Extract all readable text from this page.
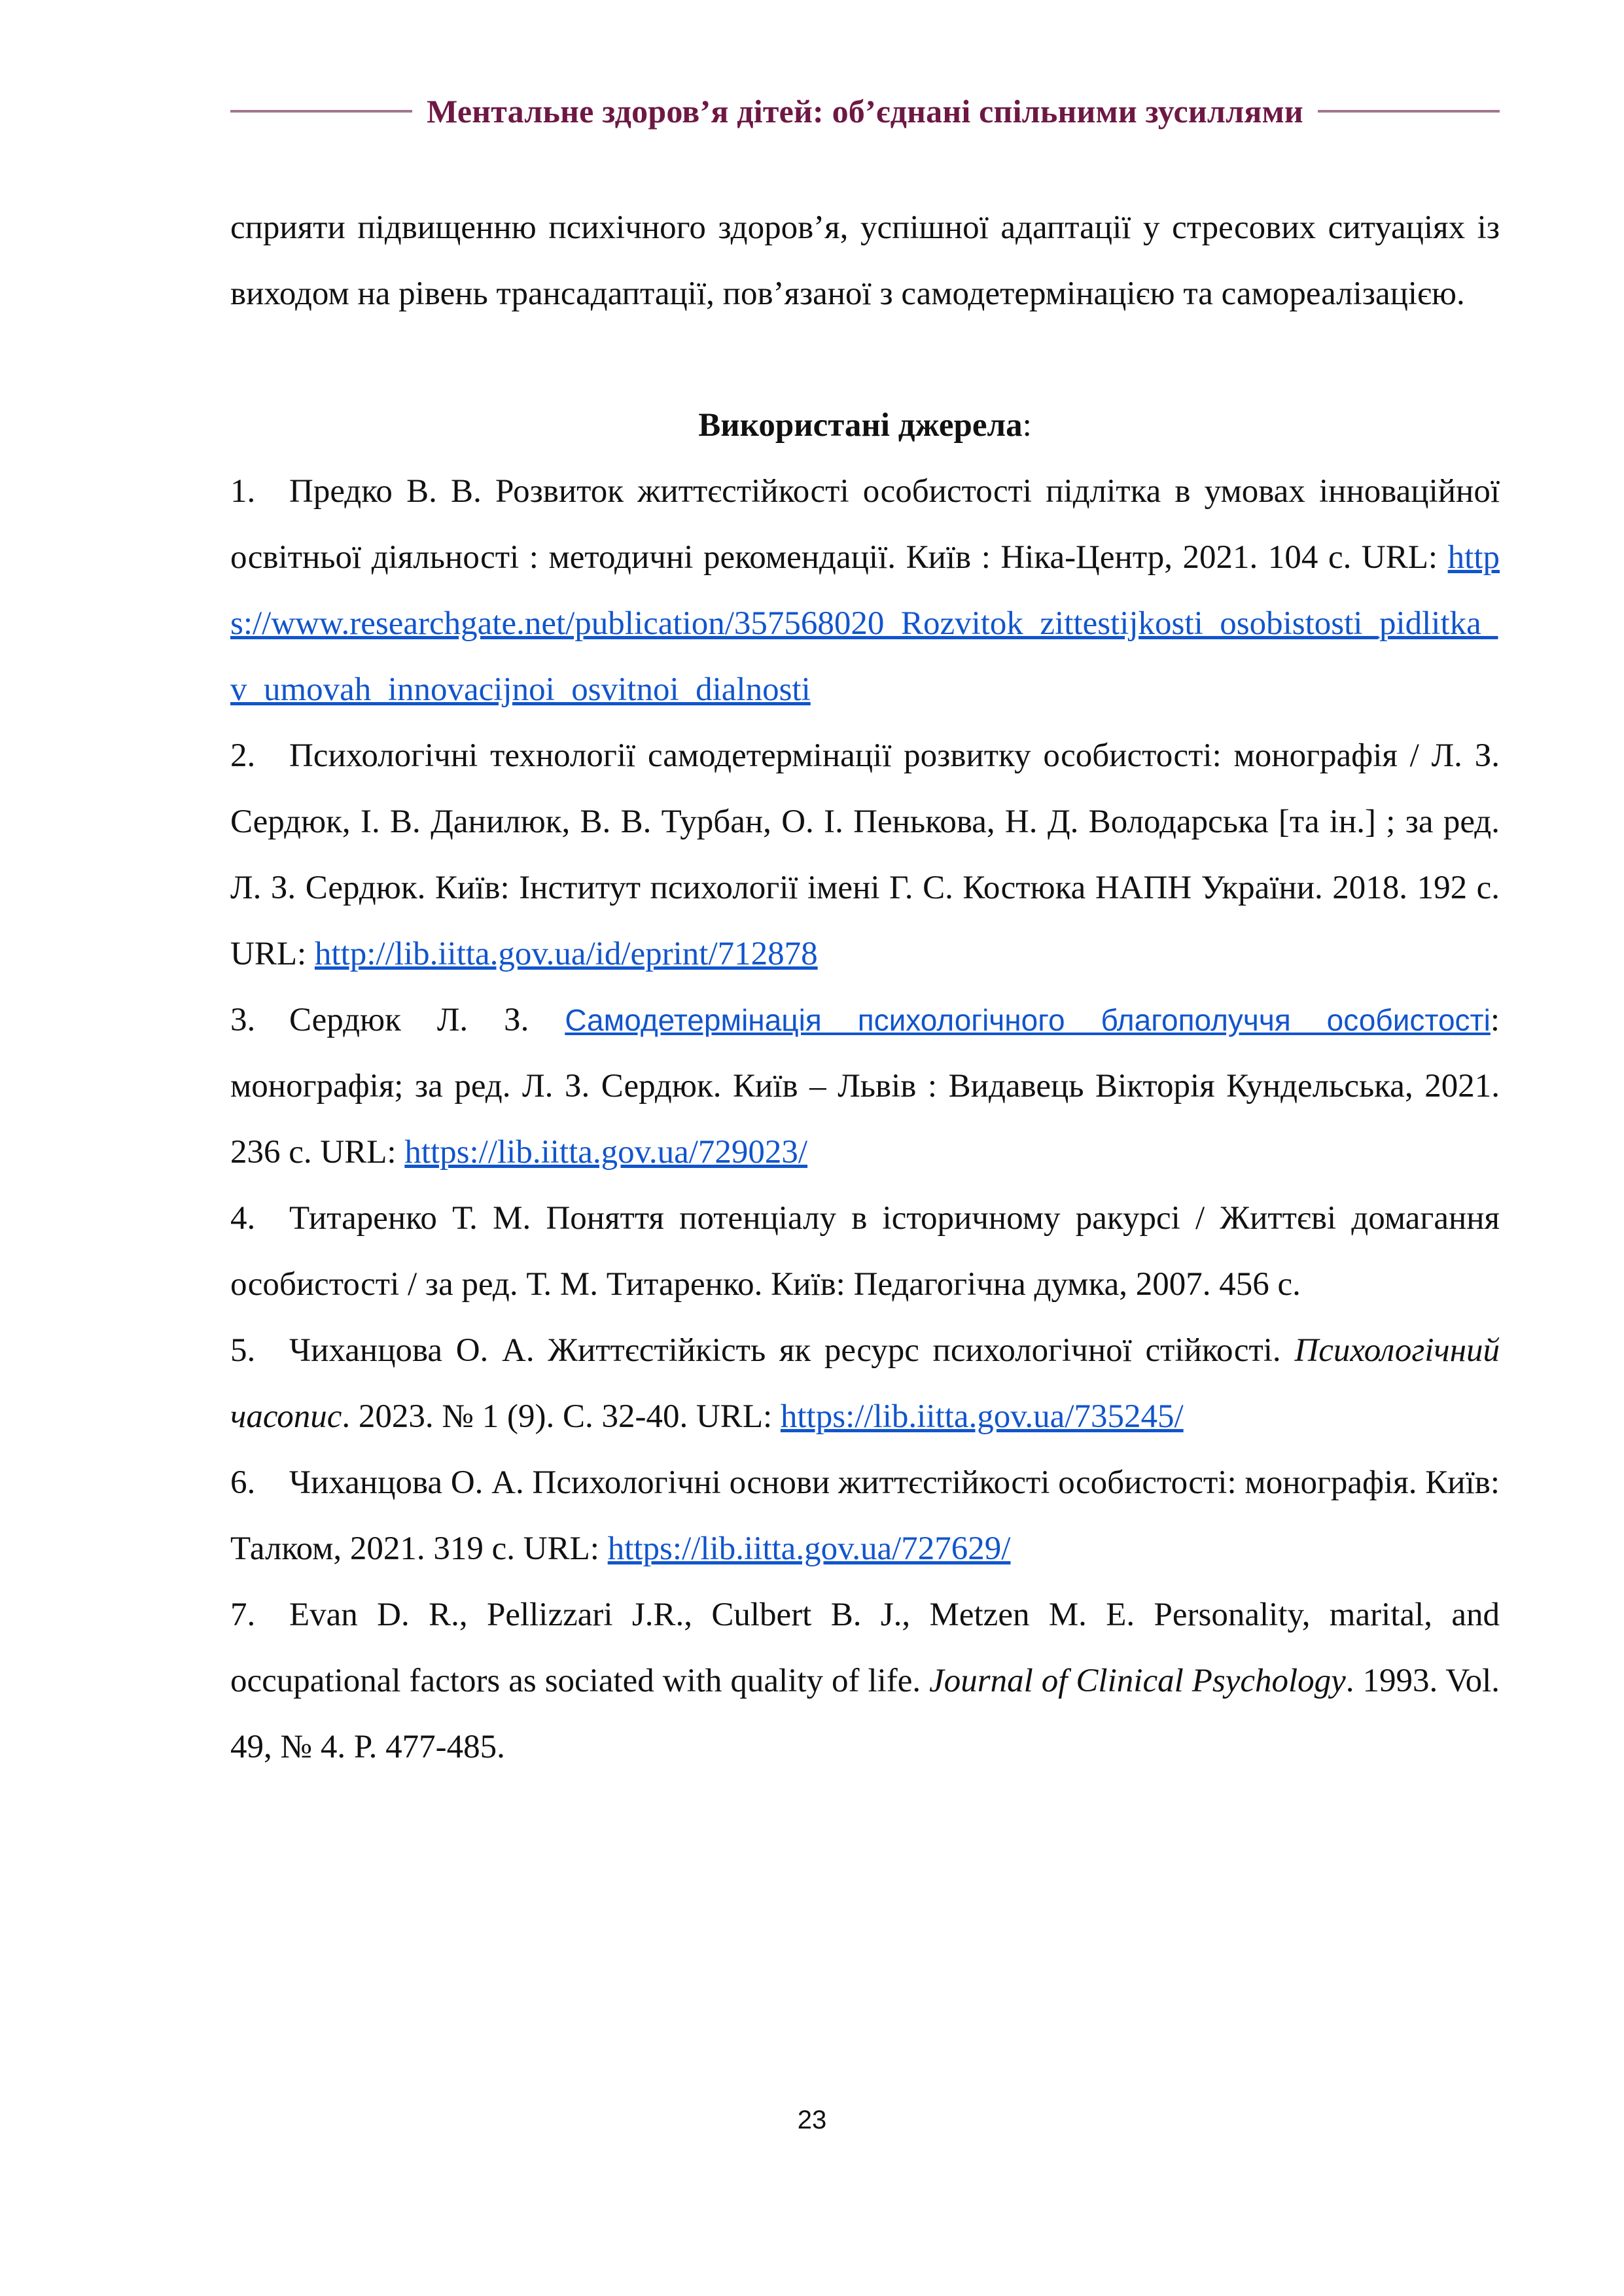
Ментальне здоров’я дітей: об’єднані спільними зусиллями

сприяти підвищенню психічного здоров’я, успішної адаптації у стресових ситуаціях із виходом на рівень трансадаптації, пов’язаної з самодетермінацією та самореалізацією.

Використані джерела:

1. Предко В. В. Розвиток життєстійкості особистості підлітка в умовах інноваційної освітньої діяльності : методичні рекомендації. Київ : Ніка-Центр, 2021. 104 с. URL: https://www.researchgate.net/publication/357568020_Rozvitok_zittestijkosti_osobistosti_pidlitka_v_umovah_innovacijnoi_osvitnoi_dialnosti

2. Психологічні технології самодетермінації розвитку особистості: монографія / Л. З. Сердюк, І. В. Данилюк, В. В. Турбан, О. І. Пенькова, Н. Д. Володарська [та ін.] ; за ред. Л. З. Сердюк. Київ: Інститут психології імені Г. С. Костюка НАПН України. 2018. 192 с. URL: http://lib.iitta.gov.ua/id/eprint/712878

3. Сердюк Л. З. Самодетермінація психологічного благополуччя особистості: монографія; за ред. Л. З. Сердюк. Київ – Львів : Видавець Вікторія Кундельська, 2021. 236 с. URL: https://lib.iitta.gov.ua/729023/

4. Титаренко Т. М. Поняття потенціалу в історичному ракурсі / Життєві домагання особистості / за ред. Т. М. Титаренко. Київ: Педагогічна думка, 2007. 456 с.

5. Чиханцова О. А. Життєстійкість як ресурс психологічної стійкості. Психологічний часопис. 2023. № 1 (9). С. 32-40. URL: https://lib.iitta.gov.ua/735245/

6. Чиханцова О. А. Психологічні основи життєстійкості особистості: монографія. Київ: Талком, 2021. 319 с. URL: https://lib.iitta.gov.ua/727629/

7. Evan D. R., Pellizzari J.R., Culbert B. J., Metzen M. E. Personality, marital, and occupational factors as sociated with quality of life. Journal of Clinical Psychology. 1993. Vol. 49, № 4. P. 477-485.

23
